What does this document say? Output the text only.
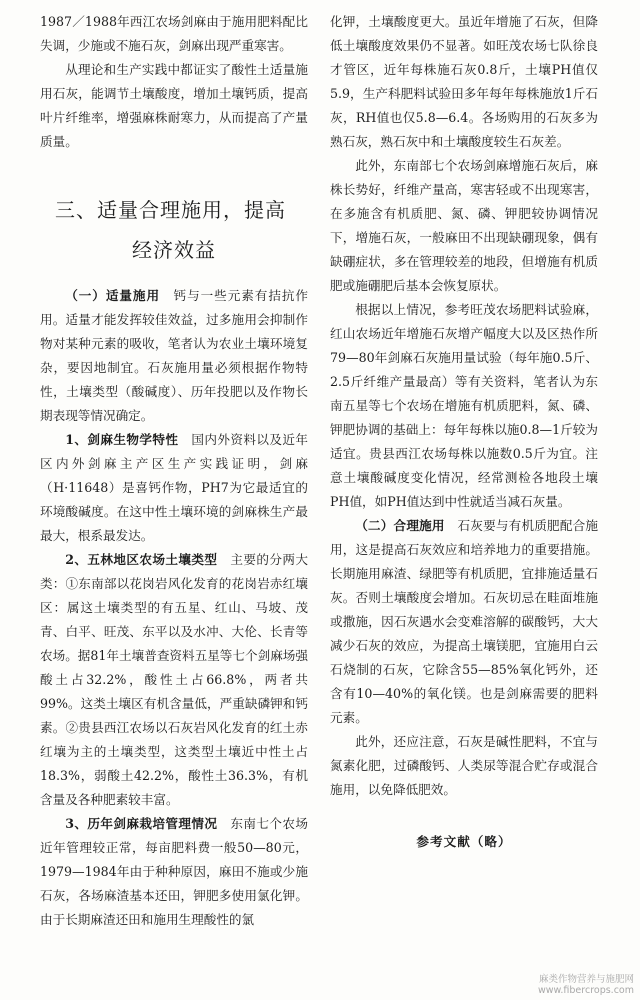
1987／1988年西江农场剑麻由于施用肥料配比失调，少施或不施石灰，剑麻出现严重寒害。

从理论和生产实践中都证实了酸性土适量施用石灰，能调节土壤酸度，增加土壤钙质，提高叶片纤维率，增强麻株耐寒力，从而提高了产量质量。

三、适量合理施用，提高
经济效益

（一）适量施用　 钙与一些元素有拮抗作用。适量才能发挥较佳效益，过多施用会抑制作物对某种元素的吸收，笔者认为农业土壤环境复杂，要因地制宜。石灰施用量必须根据作物特性，土壤类型（酸碱度）、历年投肥以及作物长期表现等情况确定。

1、剑麻生物学特性　 国内外资料以及近年区内外剑麻主产区生产实践证明，剑麻（H·11648）是喜钙作物，PH7为它最适宜的环境酸碱度。在这中性土壤环境的剑麻株生产最最大，根系最发达。

2、五林地区农场土壤类型　 主要的分两大类：①东南部以花岗岩风化发育的花岗岩赤红壤区：属这土壤类型的有五星、红山、马坡、茂青、白平、旺茂、东平以及水冲、大伦、长青等农场。据81年土壤普查资料五星等七个剑麻场强酸土占32.2%，酸性土占66.8%，两者共99%。这类土壤区有机含量低，严重缺磷钾和钙素。②贵县西江农场以石灰岩风化发育的红土赤红壤为主的土壤类型，这类型土壤近中性土占18.3%，弱酸土42.2%，酸性土36.3%，有机含量及各种肥素较丰富。

3、历年剑麻栽培管理情况　 东南七个农场近年管理较正常，每亩肥料费一般50—80元，1979—1984年由于种种原因，麻田不施或少施石灰，各场麻渣基本还田，钾肥多使用氯化钾。由于长期麻渣还田和施用生理酸性的氯

化钾，土壤酸度更大。虽近年增施了石灰，但降低土壤酸度效果仍不显著。如旺茂农场七队徐良才管区，近年每株施石灰0.8斤，土壤PH值仅5.9，生产科肥料试验田多年每年每株施放1斤石灰，RH值也仅5.8—6.4。各场购用的石灰多为熟石灰，熟石灰中和土壤酸度较生石灰差。

此外，东南部七个农场剑麻增施石灰后，麻株长势好，纤维产量高，寒害轻或不出现寒害，在多施含有机质肥、氮、磷、钾肥较协调情况下，增施石灰，一般麻田不出现缺硼现象，偶有缺硼症状，多在管理较差的地段，但增施有机质肥或施硼肥后基本会恢复原状。

根据以上情况，参考旺茂农场肥料试验麻，红山农场近年增施石灰增产幅度大以及区热作所79—80年剑麻石灰施用量试验（每年施0.5斤、2.5斤纤维产量最高）等有关资料，笔者认为东南五星等七个农场在增施有机质肥料，氮、磷、钾肥协调的基础上：每年每株以施0.8—1斤较为适宜。贵县西江农场每株以施数0.5斤为宜。注意土壤酸碱度变化情况，经常测检各地段土壤PH值，如PH值达到中性就适当减石灰量。

（二）合理施用　 石灰要与有机质肥配合施用，这是提高石灰效应和培养地力的重要措施。长期施用麻渣、绿肥等有机质肥，宜排施适量石灰。否则土壤酸度会增加。石灰切忌在畦面堆施或撒施，因石灰遇水会变难溶解的碳酸钙，大大减少石灰的效应，为提高土壤镁肥，宜施用白云石烧制的石灰，它除含55—85%氧化钙外，还含有10—40%的氧化镁。也是剑麻需要的肥料元素。

此外，还应注意，石灰是碱性肥料，不宜与氮素化肥，过磷酸钙、人类尿等混合贮存或混合施用，以免降低肥效。

参考文献（略）
麻类作物营养与施肥网
www.fibercrops.com
